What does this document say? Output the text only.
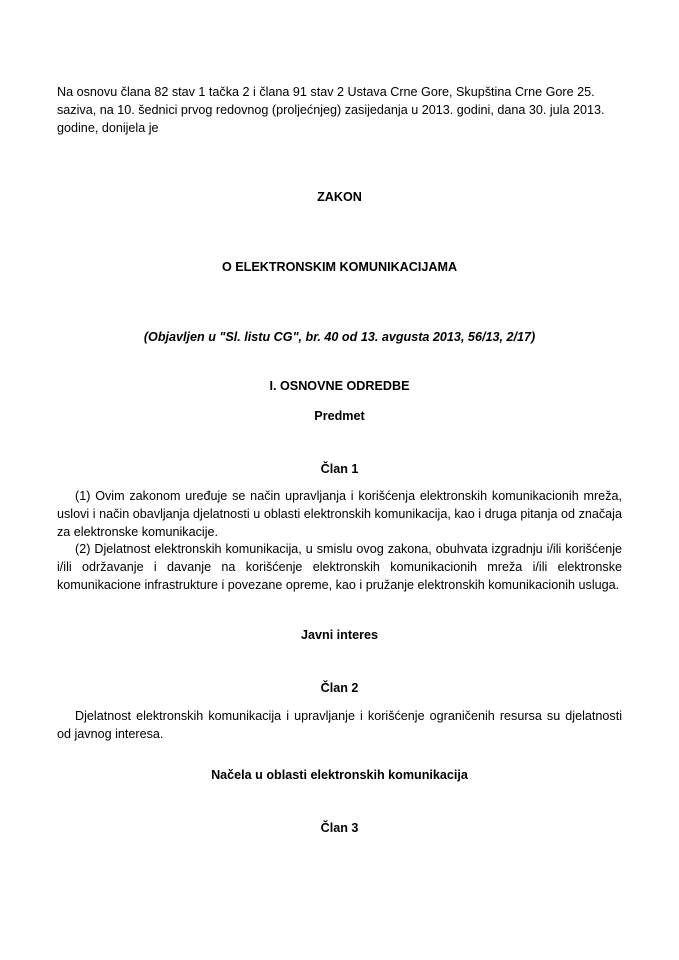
Na osnovu člana 82 stav 1 tačka 2 i člana 91 stav 2 Ustava Crne Gore, Skupština Crne Gore 25. saziva, na 10. šednici prvog redovnog (proljećnjeg) zasijedanja u 2013. godini, dana 30. jula 2013. godine, donijela je
ZAKON
O ELEKTRONSKIM KOMUNIKACIJAMA
(Objavljen u "Sl. listu CG", br. 40 od 13. avgusta 2013, 56/13, 2/17)
I. OSNOVNE ODREDBE
Predmet
Član 1

(1) Ovim zakonom uređuje se način upravljanja i korišćenja elektronskih komunikacionih mreža, uslovi i način obavljanja djelatnosti u oblasti elektronskih komunikacija, kao i druga pitanja od značaja za elektronske komunikacije.

(2) Djelatnost elektronskih komunikacija, u smislu ovog zakona, obuhvata izgradnju i/ili korišćenje i/ili održavanje i davanje na korišćenje elektronskih komunikacionih mreža i/ili elektronske komunikacione infrastrukture i povezane opreme, kao i pružanje elektronskih komunikacionih usluga.

Javni interes
Član 2

Djelatnost elektronskih komunikacija i upravljanje i korišćenje ograničenih resursa su djelatnosti od javnog interesa.

Načela u oblasti elektronskih komunikacija
Član 3
